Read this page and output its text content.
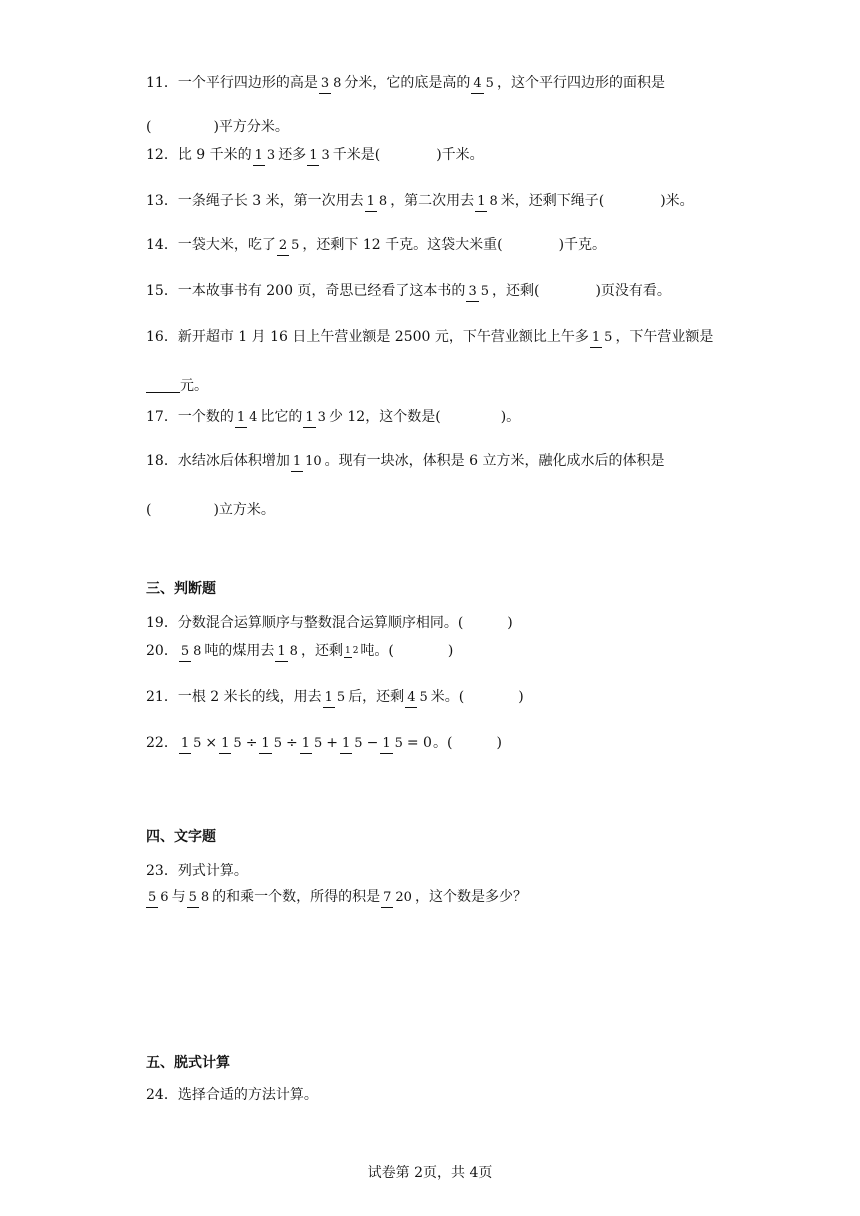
11．一个平行四边形的高是 3 8 分米，它的底是高的 4 5 ，这个平行四边形的面积是
(	)平方分米。
12．比 9 千米的 1 3 还多 1 3 千米是(	)千米。
13．一条绳子长 3 米，第一次用去 1 8 ，第二次用去 1 8 米，还剩下绳子(	)米。
14．一袋大米，吃了 2 5 ，还剩下 12 千克。这袋大米重(	)千克。
15．一本故事书有 200 页，奇思已经看了这本书的 3 5 ，还剩(	)页没有看。
16．新开超市 1 月 16 日上午营业额是 2500 元，下午营业额比上午多 1 5 ，下午营业额是
元。
17．一个数的 1 4 比它的 1 3 少 12，这个数是(	)。
18．水结冰后体积增加 1 10 。现有一块冰，体积是 6 立方米，融化成水后的体积是
(	)立方米。
三、判断题
19．分数混合运算顺序与整数混合运算顺序相同。(	)
20． 5 8 吨的煤用去 1 8 ，还剩 1 2 吨。(	)
21．一根 2 米长的线，用去 1 5 后，还剩 4 5 米。(	)
22． 1 5 × 1 5 ÷ 1 5 ÷ 1 5 + 1 5 − 1 5 = 0。(	)
四、文字题
23．列式计算。
5 6 与 5 8 的和乘一个数，所得的积是 7 20 ，这个数是多少？
五、脱式计算
24．选择合适的方法计算。
试卷第 2页，共 4页
